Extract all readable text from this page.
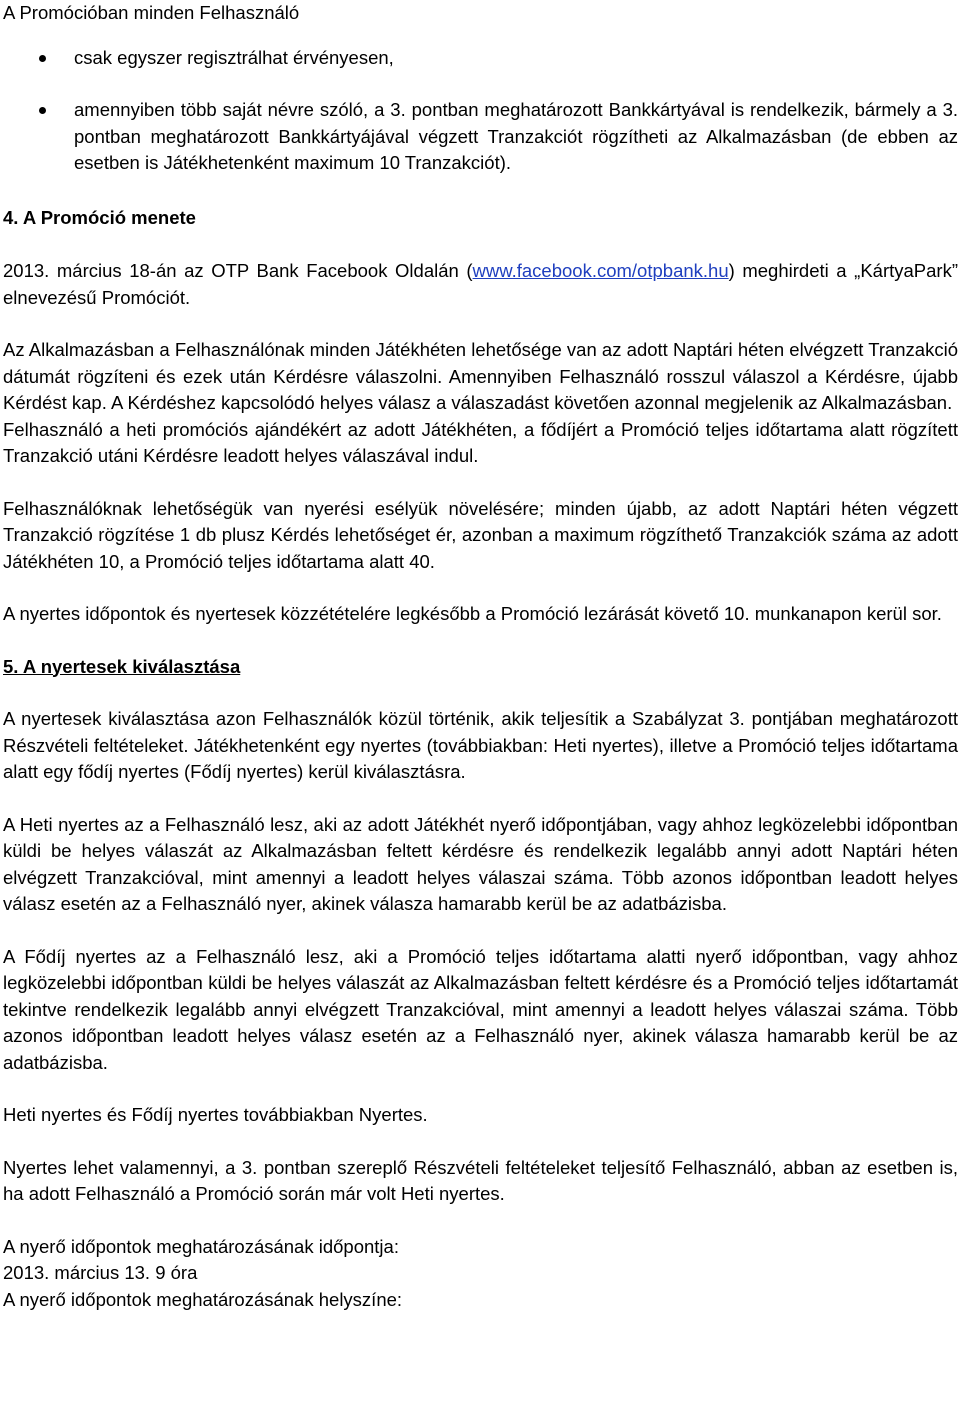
A Promócióban minden Felhasználó

csak egyszer regisztrálhat érvényesen,
amennyiben több saját névre szóló, a 3. pontban meghatározott Bankkártyával is rendelkezik, bármely a 3. pontban meghatározott Bankkártyájával végzett Tranzakciót rögzítheti az Alkalmazásban (de ebben az esetben is Játékhetenként maximum 10 Tranzakciót).

4. A Promóció menete

2013. március 18-án az OTP Bank Facebook Oldalán (www.facebook.com/otpbank.hu) meghirdeti a „KártyaPark” elnevezésű Promóciót.

Az Alkalmazásban a Felhasználónak minden Játékhéten lehetősége van az adott Naptári héten elvégzett Tranzakció dátumát rögzíteni és ezek után Kérdésre válaszolni. Amennyiben Felhasználó rosszul válaszol a Kérdésre, újabb Kérdést kap. A Kérdéshez kapcsolódó helyes válasz a válaszadást követően azonnal megjelenik az Alkalmazásban.

Felhasználó a heti promóciós ajándékért az adott Játékhéten, a fődíjért a Promóció teljes időtartama alatt rögzített Tranzakció utáni Kérdésre leadott helyes válaszával indul.

Felhasználóknak lehetőségük van nyerési esélyük növelésére; minden újabb, az adott Naptári héten végzett Tranzakció rögzítése 1 db plusz Kérdés lehetőséget ér, azonban a maximum rögzíthető Tranzakciók száma az adott Játékhéten 10, a Promóció teljes időtartama alatt 40.

A nyertes időpontok és nyertesek közzétételére legkésőbb a Promóció lezárását követő 10. munkanapon kerül sor.

5. A nyertesek kiválasztása

A nyertesek kiválasztása azon Felhasználók közül történik, akik teljesítik a Szabályzat 3. pontjában meghatározott Részvételi feltételeket. Játékhetenként egy nyertes (továbbiakban: Heti nyertes), illetve a Promóció teljes időtartama alatt egy fődíj nyertes (Fődíj nyertes) kerül kiválasztásra.

A Heti nyertes az a Felhasználó lesz, aki az adott Játékhét nyerő időpontjában, vagy ahhoz legközelebbi időpontban küldi be helyes válaszát az Alkalmazásban feltett kérdésre és rendelkezik legalább annyi adott Naptári héten elvégzett Tranzakcióval, mint amennyi a leadott helyes válaszai száma. Több azonos időpontban leadott helyes válasz esetén az a Felhasználó nyer, akinek válasza hamarabb kerül be az adatbázisba.

A Fődíj nyertes az a Felhasználó lesz, aki a Promóció teljes időtartama alatti nyerő időpontban, vagy ahhoz legközelebbi időpontban küldi be helyes válaszát az Alkalmazásban feltett kérdésre és a Promóció teljes időtartamát tekintve rendelkezik legalább annyi elvégzett Tranzakcióval, mint amennyi a leadott helyes válaszai száma. Több azonos időpontban leadott helyes válasz esetén az a Felhasználó nyer, akinek válasza hamarabb kerül be az adatbázisba.

Heti nyertes és Fődíj nyertes továbbiakban Nyertes.

Nyertes lehet valamennyi, a 3. pontban szereplő Részvételi feltételeket teljesítő Felhasználó, abban az esetben is, ha adott Felhasználó a Promóció során már volt Heti nyertes.

A nyerő időpontok meghatározásának időpontja:

2013. március 13. 9 óra

A nyerő időpontok meghatározásának helyszíne:
